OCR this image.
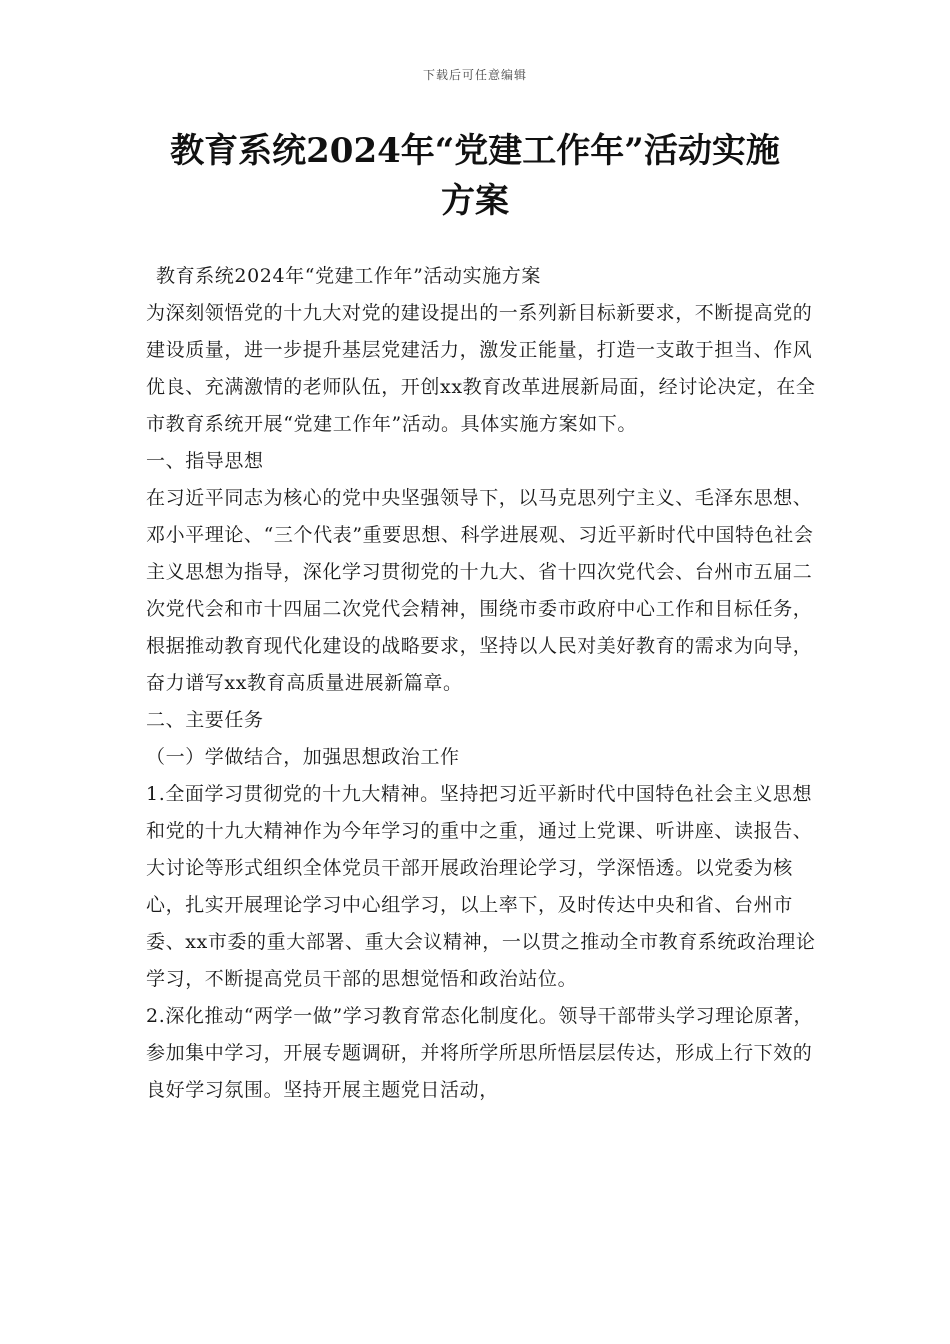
下载后可任意编辑
教育系统2024年“党建工作年”活动实施
方案

教育系统2024年“党建工作年”活动实施方案

为深刻领悟党的十九大对党的建设提出的一系列新目标新要求，不断提高党的建设质量，进一步提升基层党建活力，激发正能量，打造一支敢于担当、作风优良、充满激情的老师队伍，开创xx教育改革进展新局面，经讨论决定，在全市教育系统开展“党建工作年”活动。具体实施方案如下。

一、指导思想

在习近平同志为核心的党中央坚强领导下，以马克思列宁主义、毛泽东思想、邓小平理论、“三个代表”重要思想、科学进展观、习近平新时代中国特色社会主义思想为指导，深化学习贯彻党的十九大、省十四次党代会、台州市五届二次党代会和市十四届二次党代会精神，围绕市委市政府中心工作和目标任务，根据推动教育现代化建设的战略要求，坚持以人民对美好教育的需求为向导，奋力谱写xx教育高质量进展新篇章。

二、主要任务

（一）学做结合，加强思想政治工作

1.全面学习贯彻党的十九大精神。坚持把习近平新时代中国特色社会主义思想和党的十九大精神作为今年学习的重中之重，通过上党课、听讲座、读报告、大讨论等形式组织全体党员干部开展政治理论学习，学深悟透。以党委为核心，扎实开展理论学习中心组学习，以上率下，及时传达中央和省、台州市委、xx市委的重大部署、重大会议精神，一以贯之推动全市教育系统政治理论学习，不断提高党员干部的思想觉悟和政治站位。

2.深化推动“两学一做”学习教育常态化制度化。领导干部带头学习理论原著，参加集中学习，开展专题调研，并将所学所思所悟层层传达，形成上行下效的良好学习氛围。坚持开展主题党日活动，
